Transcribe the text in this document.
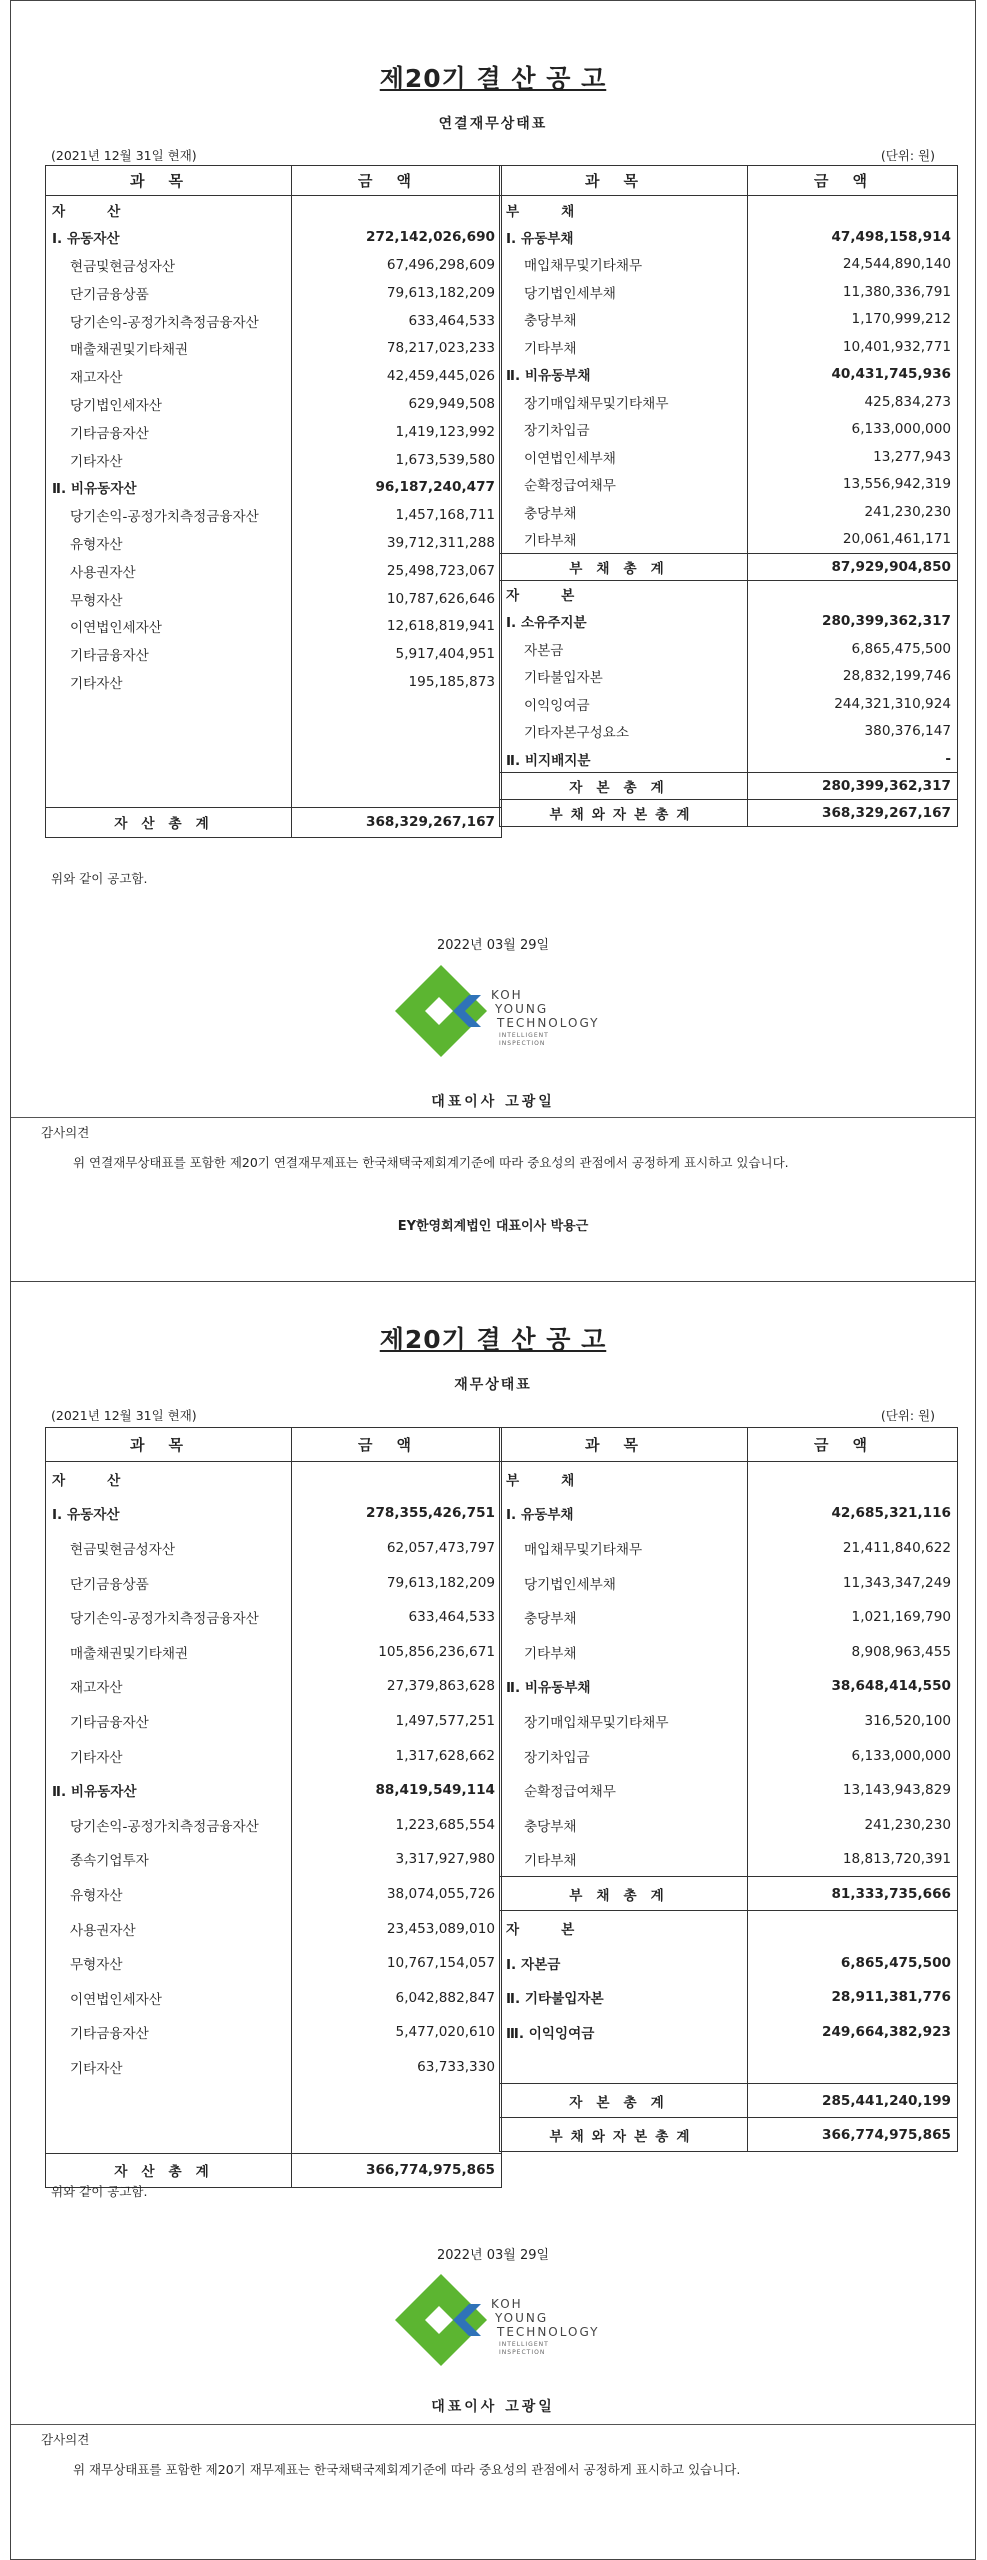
제20기 결 산 공 고
연결재무상태표
(2021년 12월 31일 현재)	(단위: 원)
과목	금액
자산	
Ⅰ. 유동자산	272,142,026,690
현금및현금성자산	67,496,298,609
단기금융상품	79,613,182,209
당기손익-공정가치측정금융자산	633,464,533
매출채권및기타채권	78,217,023,233
재고자산	42,459,445,026
당기법인세자산	629,949,508
기타금융자산	1,419,123,992
기타자산	1,673,539,580
Ⅱ. 비유동자산	96,187,240,477
당기손익-공정가치측정금융자산	1,457,168,711
유형자산	39,712,311,288
사용권자산	25,498,723,067
무형자산	10,787,626,646
이연법인세자산	12,618,819,941
기타금융자산	5,917,404,951
기타자산	195,185,873

자산총계	368,329,267,167
과목	금액
부채	
Ⅰ. 유동부채	47,498,158,914
매입채무및기타채무	24,544,890,140
당기법인세부채	11,380,336,791
충당부채	1,170,999,212
기타부채	10,401,932,771
Ⅱ. 비유동부채	40,431,745,936
장기매입채무및기타채무	425,834,273
장기차입금	6,133,000,000
이연법인세부채	13,277,943
순확정급여채무	13,556,942,319
충당부채	241,230,230
기타부채	20,061,461,171
부채총계	87,929,904,850
자본	
Ⅰ. 소유주지분	280,399,362,317
자본금	6,865,475,500
기타불입자본	28,832,199,746
이익잉여금	244,321,310,924
기타자본구성요소	380,376,147
Ⅱ. 비지배지분	-
자본총계	280,399,362,317
부채와자본총계	368,329,267,167
위와 같이 공고함.
2022년 03월 29일
KOH
YOUNG
TECHNOLOGY
INTELLIGENT
INSPECTION
대표이사 고광일
감사의견
위 연결재무상태표를 포함한 제20기 연결재무제표는 한국채택국제회계기준에 따라 중요성의 관점에서 공정하게 표시하고 있습니다.
EY한영회계법인 대표이사 박용근
제20기 결 산 공 고
재무상태표
(2021년 12월 31일 현재)	(단위: 원)
과목	금액
자산	
Ⅰ. 유동자산	278,355,426,751
현금및현금성자산	62,057,473,797
단기금융상품	79,613,182,209
당기손익-공정가치측정금융자산	633,464,533
매출채권및기타채권	105,856,236,671
재고자산	27,379,863,628
기타금융자산	1,497,577,251
기타자산	1,317,628,662
Ⅱ. 비유동자산	88,419,549,114
당기손익-공정가치측정금융자산	1,223,685,554
종속기업투자	3,317,927,980
유형자산	38,074,055,726
사용권자산	23,453,089,010
무형자산	10,767,154,057
이연법인세자산	6,042,882,847
기타금융자산	5,477,020,610
기타자산	63,733,330

자산총계	366,774,975,865
과목	금액
부채	
Ⅰ. 유동부채	42,685,321,116
매입채무및기타채무	21,411,840,622
당기법인세부채	11,343,347,249
충당부채	1,021,169,790
기타부채	8,908,963,455
Ⅱ. 비유동부채	38,648,414,550
장기매입채무및기타채무	316,520,100
장기차입금	6,133,000,000
순확정급여채무	13,143,943,829
충당부채	241,230,230
기타부채	18,813,720,391
부채총계	81,333,735,666
자본	
Ⅰ. 자본금	6,865,475,500
Ⅱ. 기타불입자본	28,911,381,776
Ⅲ. 이익잉여금	249,664,382,923

자본총계	285,441,240,199
부채와자본총계	366,774,975,865
위와 같이 공고함.
2022년 03월 29일
KOH
YOUNG
TECHNOLOGY
INTELLIGENT
INSPECTION
대표이사 고광일
감사의견
위 재무상태표를 포함한 제20기 재무제표는 한국채택국제회계기준에 따라 중요성의 관점에서 공정하게 표시하고 있습니다.
